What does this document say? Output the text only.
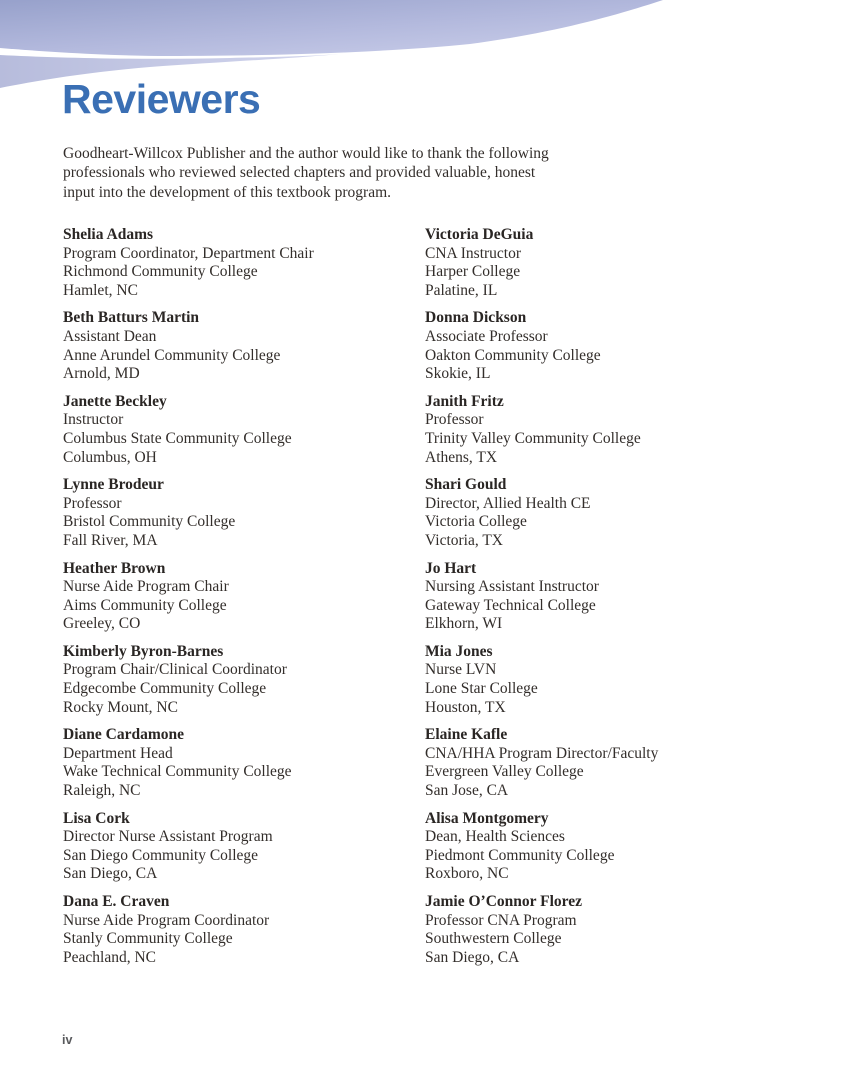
Reviewers
Goodheart-Willcox Publisher and the author would like to thank the following
professionals who reviewed selected chapters and provided valuable, honest
input into the development of this textbook program.
Shelia Adams
Program Coordinator, Department Chair
Richmond Community College
Hamlet, NC
Beth Batturs Martin
Assistant Dean
Anne Arundel Community College
Arnold, MD
Janette Beckley
Instructor
Columbus State Community College
Columbus, OH
Lynne Brodeur
Professor
Bristol Community College
Fall River, MA
Heather Brown
Nurse Aide Program Chair
Aims Community College
Greeley, CO
Kimberly Byron-Barnes
Program Chair/Clinical Coordinator
Edgecombe Community College
Rocky Mount, NC
Diane Cardamone
Department Head
Wake Technical Community College
Raleigh, NC
Lisa Cork
Director Nurse Assistant Program
San Diego Community College
San Diego, CA
Dana E. Craven
Nurse Aide Program Coordinator
Stanly Community College
Peachland, NC
Victoria DeGuia
CNA Instructor
Harper College
Palatine, IL
Donna Dickson
Associate Professor
Oakton Community College
Skokie, IL
Janith Fritz
Professor
Trinity Valley Community College
Athens, TX
Shari Gould
Director, Allied Health CE
Victoria College
Victoria, TX
Jo Hart
Nursing Assistant Instructor
Gateway Technical College
Elkhorn, WI
Mia Jones
Nurse LVN
Lone Star College
Houston, TX
Elaine Kafle
CNA/HHA Program Director/Faculty
Evergreen Valley College
San Jose, CA
Alisa Montgomery
Dean, Health Sciences
Piedmont Community College
Roxboro, NC
Jamie O’Connor Florez
Professor CNA Program
Southwestern College
San Diego, CA
iv
